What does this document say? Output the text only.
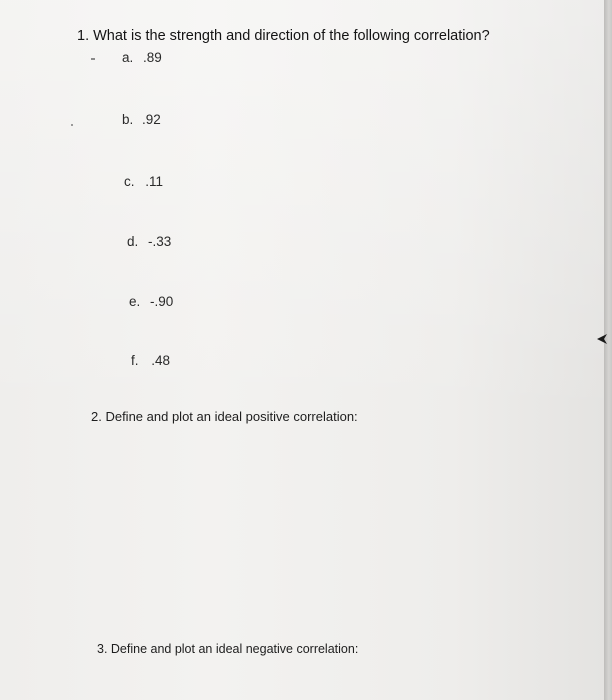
1. What is the strength and direction of the following correlation?
a. .89
b. .92
c. .11
d. -.33
e. -.90
f. .48
2. Define and plot an ideal positive correlation:
3. Define and plot an ideal negative correlation:
